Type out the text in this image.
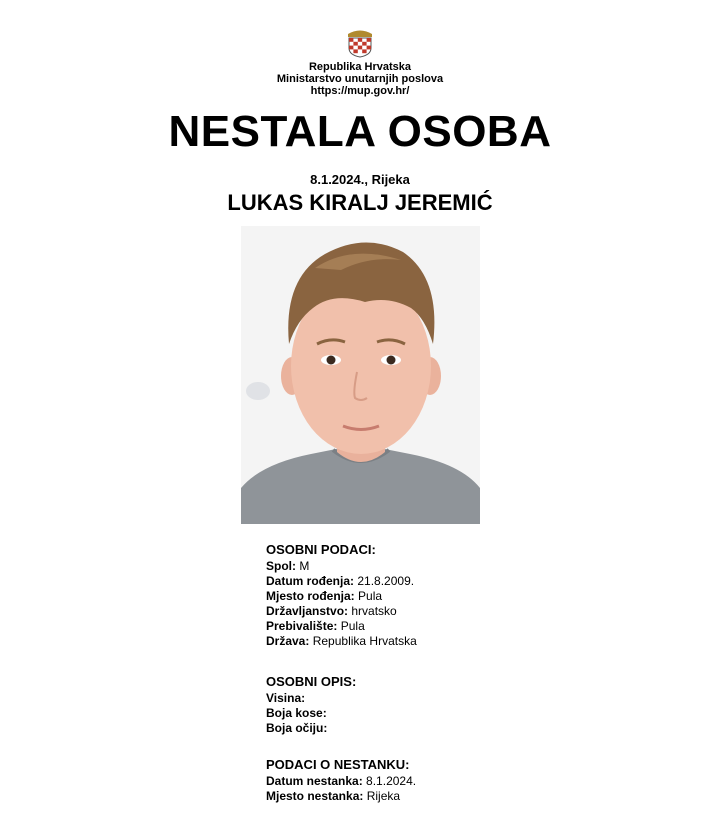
Republika Hrvatska
Ministarstvo unutarnjih poslova
https://mup.gov.hr/
NESTALA OSOBA
8.1.2024., Rijeka
LUKAS KIRALJ JEREMIĆ
OSOBNI PODACI:
Spol: M
Datum rođenja: 21.8.2009.
Mjesto rođenja: Pula
Državljanstvo: hrvatsko
Prebivalište: Pula
Država: Republika Hrvatska
OSOBNI OPIS:
Visina:
Boja kose:
Boja očiju:
PODACI O NESTANKU:
Datum nestanka: 8.1.2024.
Mjesto nestanka: Rijeka
